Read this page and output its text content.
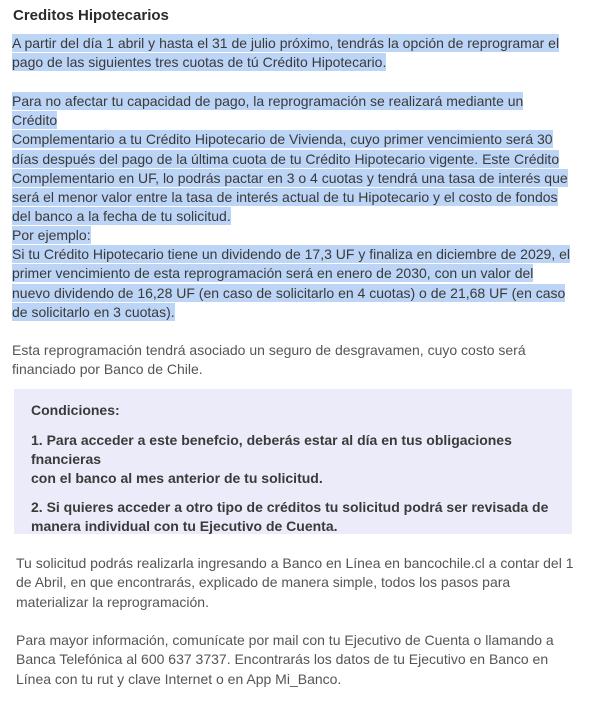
Creditos Hipotecarios

A partir del día 1 abril y hasta el 31 de julio próximo, tendrás la opción de reprogramar el
pago de las siguientes tres cuotas de tú Crédito Hipotecario.

Para no afectar tu capacidad de pago, la reprogramación se realizará mediante un Crédito
Complementario a tu Crédito Hipotecario de Vivienda, cuyo primer vencimiento será 30
días después del pago de la última cuota de tu Crédito Hipotecario vigente. Este Crédito
Complementario en UF, lo podrás pactar en 3 o 4 cuotas y tendrá una tasa de interés que
será el menor valor entre la tasa de interés actual de tu Hipotecario y el costo de fondos
del banco a la fecha de tu solicitud.

Por ejemplo:
Si tu Crédito Hipotecario tiene un dividendo de 17,3 UF y finaliza en diciembre de 2029, el
primer vencimiento de esta reprogramación será en enero de 2030, con un valor del
nuevo dividendo de 16,28 UF (en caso de solicitarlo en 4 cuotas) o de 21,68 UF (en caso
de solicitarlo en 3 cuotas).

Esta reprogramación tendrá asociado un seguro de desgravamen, cuyo costo será
financiado por Banco de Chile.

Condiciones:

1. Para acceder a este benefcio, deberás estar al día en tus obligaciones fnancieras
con el banco al mes anterior de tu solicitud.

2. Si quieres acceder a otro tipo de créditos tu solicitud podrá ser revisada de
manera individual con tu Ejecutivo de Cuenta.

Tu solicitud podrás realizarla ingresando a Banco en Línea en bancochile.cl a contar del 1
de Abril, en que encontrarás, explicado de manera simple, todos los pasos para
materializar la reprogramación.

Para mayor información, comunícate por mail con tu Ejecutivo de Cuenta o llamando a
Banca Telefónica al 600 637 3737. Encontrarás los datos de tu Ejecutivo en Banco en
Línea con tu rut y clave Internet o en App Mi_Banco.
